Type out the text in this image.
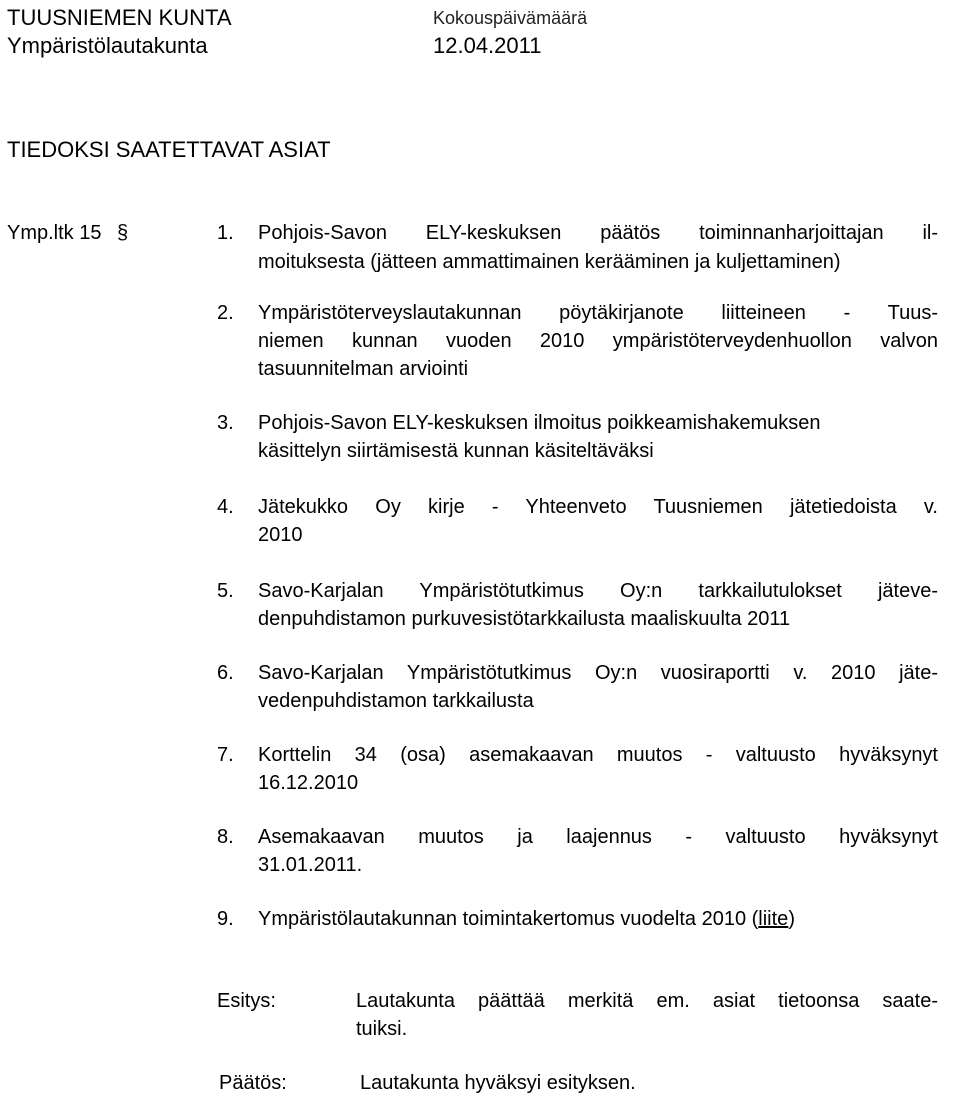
TUUSNIEMEN KUNTA
Ympäristölautakunta
Kokouspäivämäärä
12.04.2011
TIEDOKSI SAATETTAVAT ASIAT
Ymp.ltk 15 §	1. Pohjois-Savon ELY-keskuksen päätös toiminnanharjoittajan il-
moituksesta (jätteen ammattimainen kerääminen ja kuljettaminen)
2. Ympäristöterveyslautakunnan pöytäkirjanote liitteineen - Tuus-
niemen kunnan vuoden 2010 ympäristöterveydenhuollon valvon
tasuunnitelman arviointi
3. Pohjois-Savon ELY-keskuksen ilmoitus poikkeamishakemuksen
käsittelyn siirtämisestä kunnan käsiteltäväksi
4. Jätekukko Oy kirje - Yhteenveto Tuusniemen jätetiedoista v.
2010
5. Savo-Karjalan Ympäristötutkimus Oy:n tarkkailutulokset jäteve-
denpuhdistamon purkuvesistötarkkailusta maaliskuulta 2011
6. Savo-Karjalan Ympäristötutkimus Oy:n vuosiraportti v. 2010 jäte-
vedenpuhdistamon tarkkailusta
7. Korttelin 34 (osa) asemakaavan muutos - valtuusto hyväksynyt
16.12.2010
8. Asemakaavan muutos ja laajennus - valtuusto hyväksynyt
31.01.2011.
9. Ympäristölautakunnan toimintakertomus vuodelta 2010 (liite)
Esitys:	Lautakunta päättää merkitä em. asiat tietoonsa saate-
tuiksi.
Päätös:	Lautakunta hyväksyi esityksen.
